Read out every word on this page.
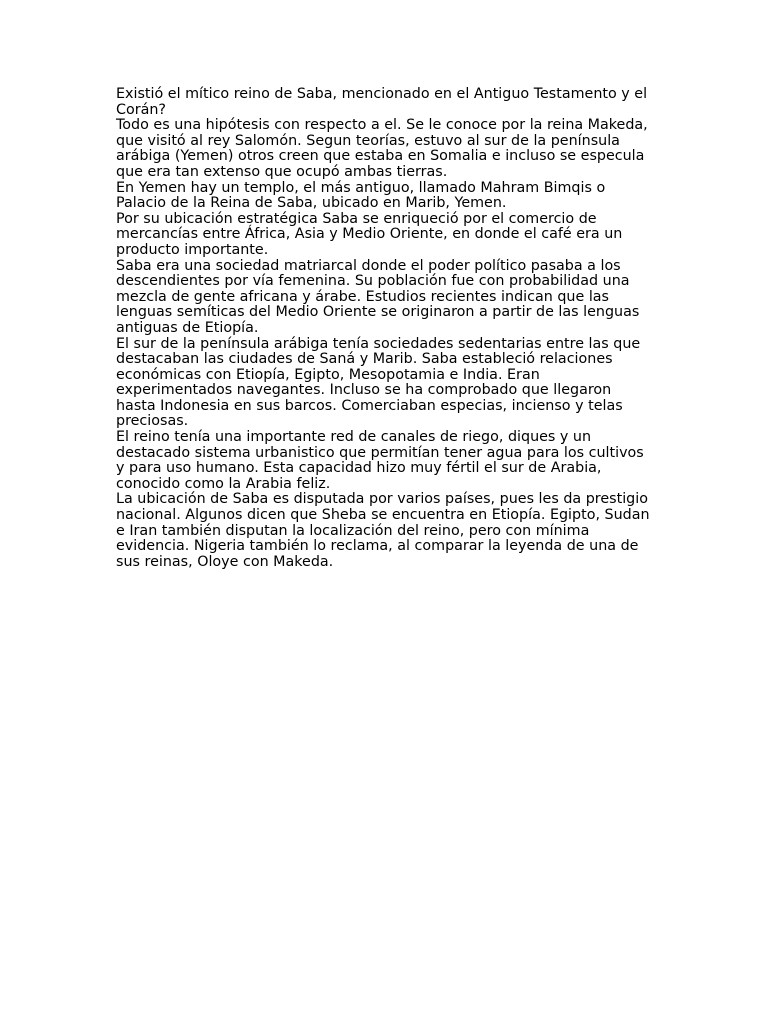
Existió el mítico reino de Saba, mencionado en el Antiguo Testamento y el
Corán?
Todo es una hipótesis con respecto a el. Se le conoce por la reina Makeda,
que visitó al rey Salomón. Segun teorías, estuvo al sur de la península
arábiga (Yemen) otros creen que estaba en Somalia e incluso se especula
que era tan extenso que ocupó ambas tierras.
En Yemen hay un templo, el más antiguo, llamado Mahram Bimqis o
Palacio de la Reina de Saba, ubicado en Marib, Yemen.
Por su ubicación estratégica Saba se enriqueció por el comercio de
mercancías entre África, Asia y Medio Oriente, en donde el café era un
producto importante.
Saba era una sociedad matriarcal donde el poder político pasaba a los
descendientes por vía femenina. Su población fue con probabilidad una
mezcla de gente africana y árabe. Estudios recientes indican que las
lenguas semíticas del Medio Oriente se originaron a partir de las lenguas
antiguas de Etiopía.
El sur de la península arábiga tenía sociedades sedentarias entre las que
destacaban las ciudades de Saná y Marib. Saba estableció relaciones
económicas con Etiopía, Egipto, Mesopotamia e India. Eran
experimentados navegantes. Incluso se ha comprobado que llegaron
hasta Indonesia en sus barcos. Comerciaban especias, incienso y telas
preciosas.
El reino tenía una importante red de canales de riego, diques y un
destacado sistema urbanistico que permitían tener agua para los cultivos
y para uso humano. Esta capacidad hizo muy fértil el sur de Arabia,
conocido como la Arabia feliz.
La ubicación de Saba es disputada por varios países, pues les da prestigio
nacional. Algunos dicen que Sheba se encuentra en Etiopía. Egipto, Sudan
e Iran también disputan la localización del reino, pero con mínima
evidencia. Nigeria también lo reclama, al comparar la leyenda de una de
sus reinas, Oloye con Makeda.
